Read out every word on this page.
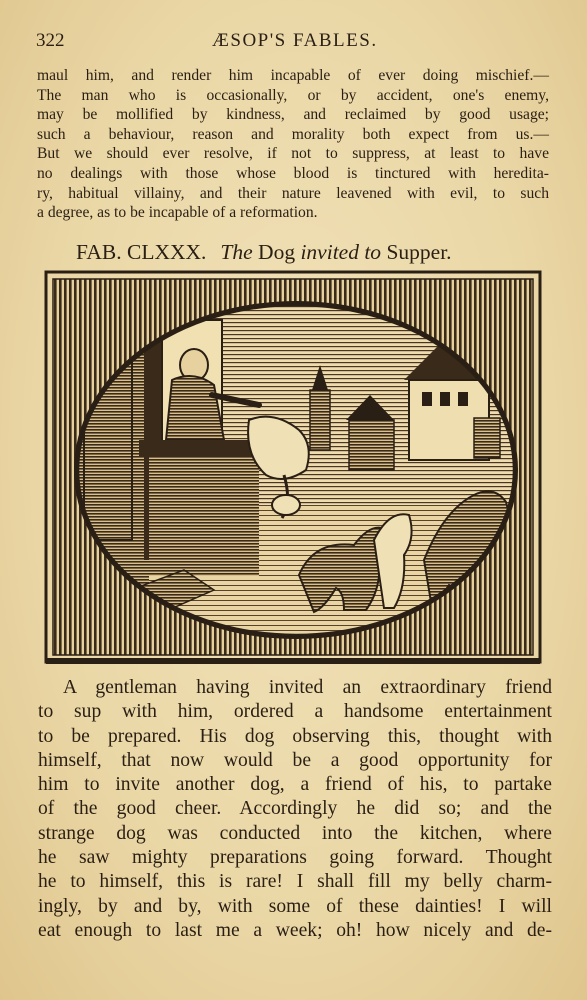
322	ÆSOP'S FABLES.
maul him, and render him incapable of ever doing mischief.—
The man who is occasionally, or by accident, one's enemy,
may be mollified by kindness, and reclaimed by good usage;
such a behaviour, reason and morality both expect from us.—
But we should ever resolve, if not to suppress, at least to have
no dealings with those whose blood is tinctured with heredita-
ry, habitual villainy, and their nature leavened with evil, to such
a degree, as to be incapable of a reformation.
FAB. CLXXX. The Dog invited to Supper.
A gentleman having invited an extraordinary friend
to sup with him, ordered a handsome entertainment
to be prepared. His dog observing this, thought with
himself, that now would be a good opportunity for
him to invite another dog, a friend of his, to partake
of the good cheer. Accordingly he did so; and the
strange dog was conducted into the kitchen, where
he saw mighty preparations going forward. Thought
he to himself, this is rare! I shall fill my belly charm-
ingly, by and by, with some of these dainties! I will
eat enough to last me a week; oh! how nicely and de-
